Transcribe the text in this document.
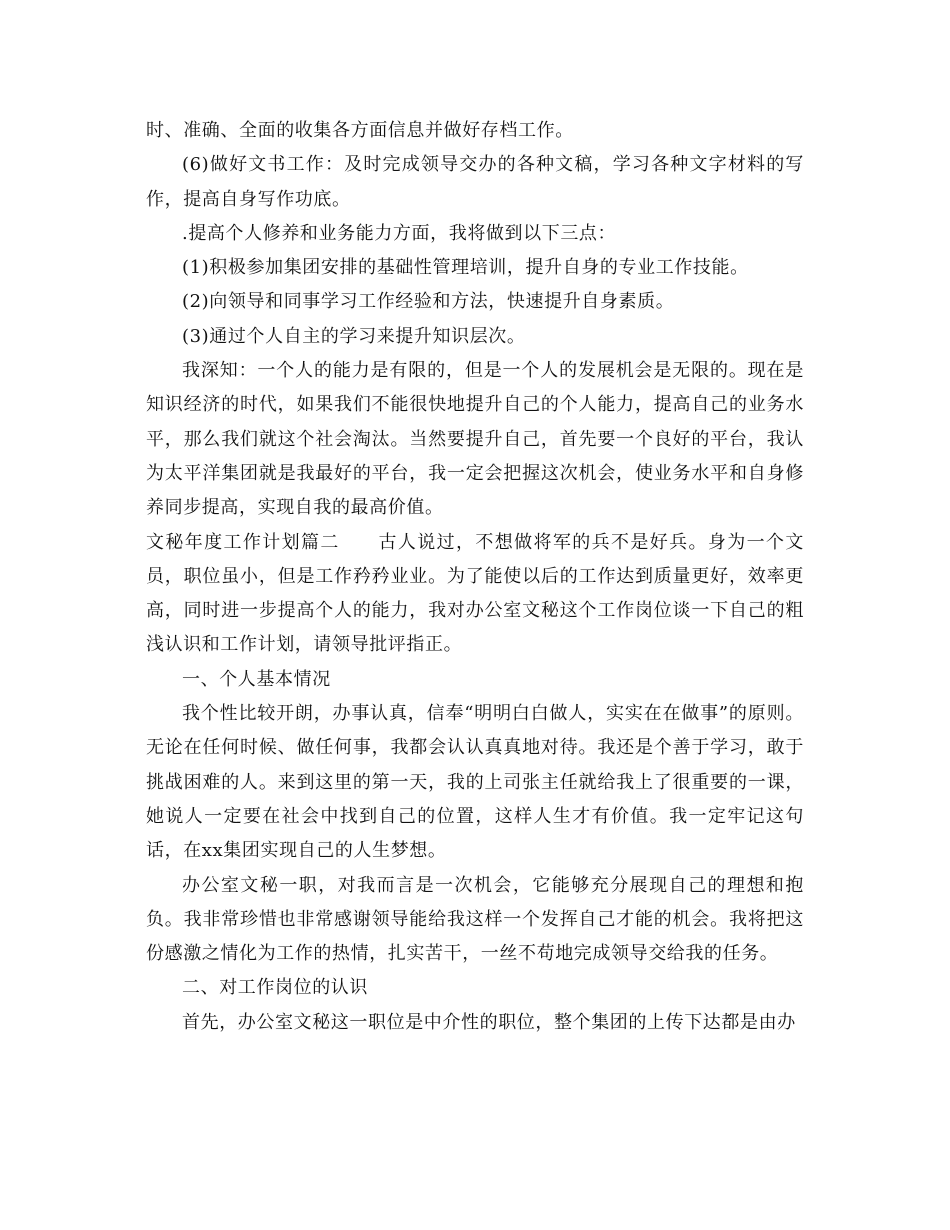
时、准确、全面的收集各方面信息并做好存档工作。

(6)做好文书工作：及时完成领导交办的各种文稿，学习各种文字材料的写作，提高自身写作功底。

.提高个人修养和业务能力方面，我将做到以下三点：

(1)积极参加集团安排的基础性管理培训，提升自身的专业工作技能。

(2)向领导和同事学习工作经验和方法，快速提升自身素质。

(3)通过个人自主的学习来提升知识层次。

我深知：一个人的能力是有限的，但是一个人的发展机会是无限的。现在是知识经济的时代，如果我们不能很快地提升自己的个人能力，提高自己的业务水平，那么我们就这个社会淘汰。当然要提升自己，首先要一个良好的平台，我认为太平洋集团就是我最好的平台，我一定会把握这次机会，使业务水平和自身修养同步提高，实现自我的最高价值。

文秘年度工作计划篇二　　古人说过，不想做将军的兵不是好兵。身为一个文员，职位虽小，但是工作矜矜业业。为了能使以后的工作达到质量更好，效率更高，同时进一步提高个人的能力，我对办公室文秘这个工作岗位谈一下自己的粗浅认识和工作计划，请领导批评指正。

一、个人基本情况

我个性比较开朗，办事认真，信奉“明明白白做人，实实在在做事”的原则。无论在任何时候、做任何事，我都会认认真真地对待。我还是个善于学习，敢于挑战困难的人。来到这里的第一天，我的上司张主任就给我上了很重要的一课，她说人一定要在社会中找到自己的位置，这样人生才有价值。我一定牢记这句话，在xx集团实现自己的人生梦想。

办公室文秘一职，对我而言是一次机会，它能够充分展现自己的理想和抱负。我非常珍惜也非常感谢领导能给我这样一个发挥自己才能的机会。我将把这份感激之情化为工作的热情，扎实苦干，一丝不苟地完成领导交给我的任务。

二、对工作岗位的认识

首先，办公室文秘这一职位是中介性的职位，整个集团的上传下达都是由办
